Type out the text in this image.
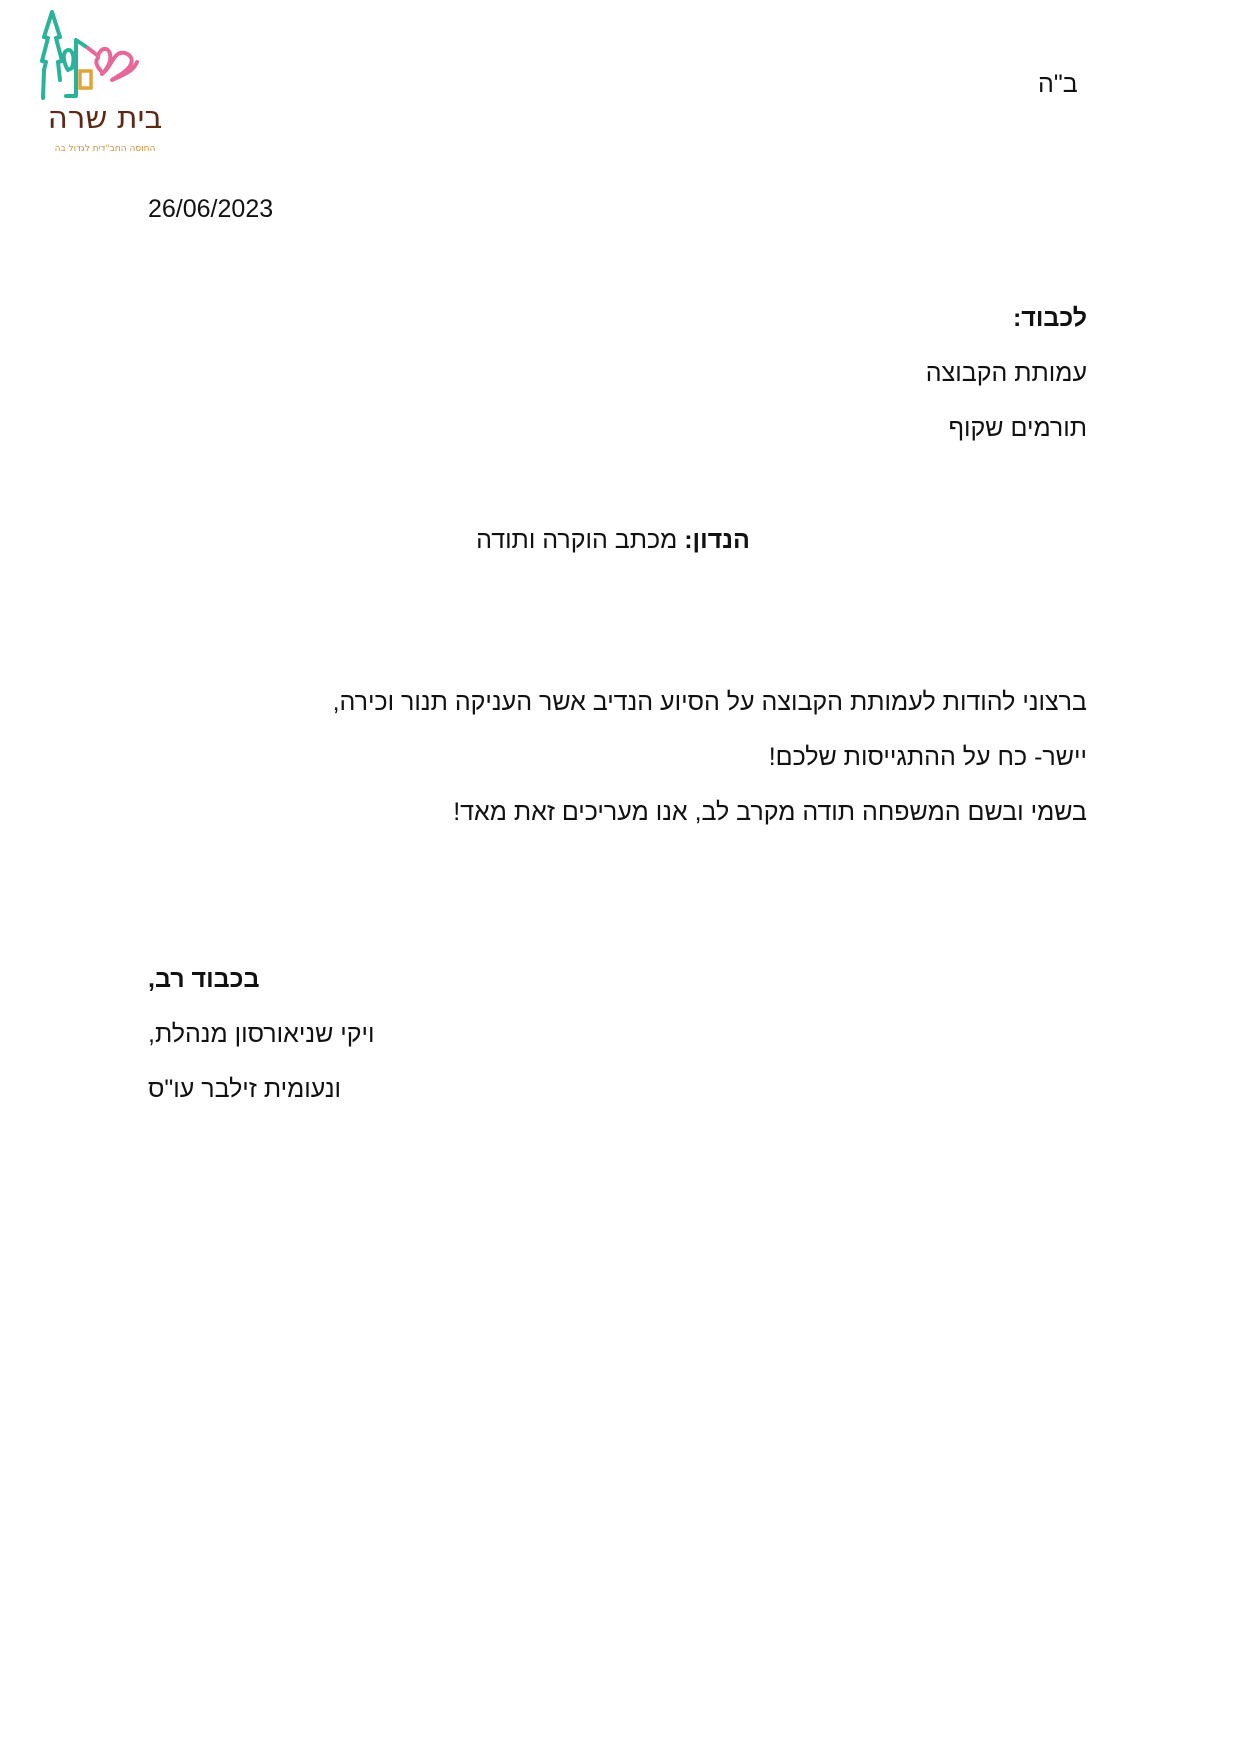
בית שרה
החוסה החב"דית לגדול בה
ב"ה
26/06/2023
לכבוד:
עמותת הקבוצה
תורמים שקוף
הנדון: מכתב הוקרה ותודה
ברצוני להודות לעמותת הקבוצה על הסיוע הנדיב אשר העניקה תנור וכירה,
יישר- כח על ההתגייסות שלכם!
בשמי ובשם המשפחה תודה מקרב לב, אנו מעריכים זאת מאד!
בכבוד רב,
ויקי שניאורסון מנהלת,
ונעומית זילבר עו"ס
